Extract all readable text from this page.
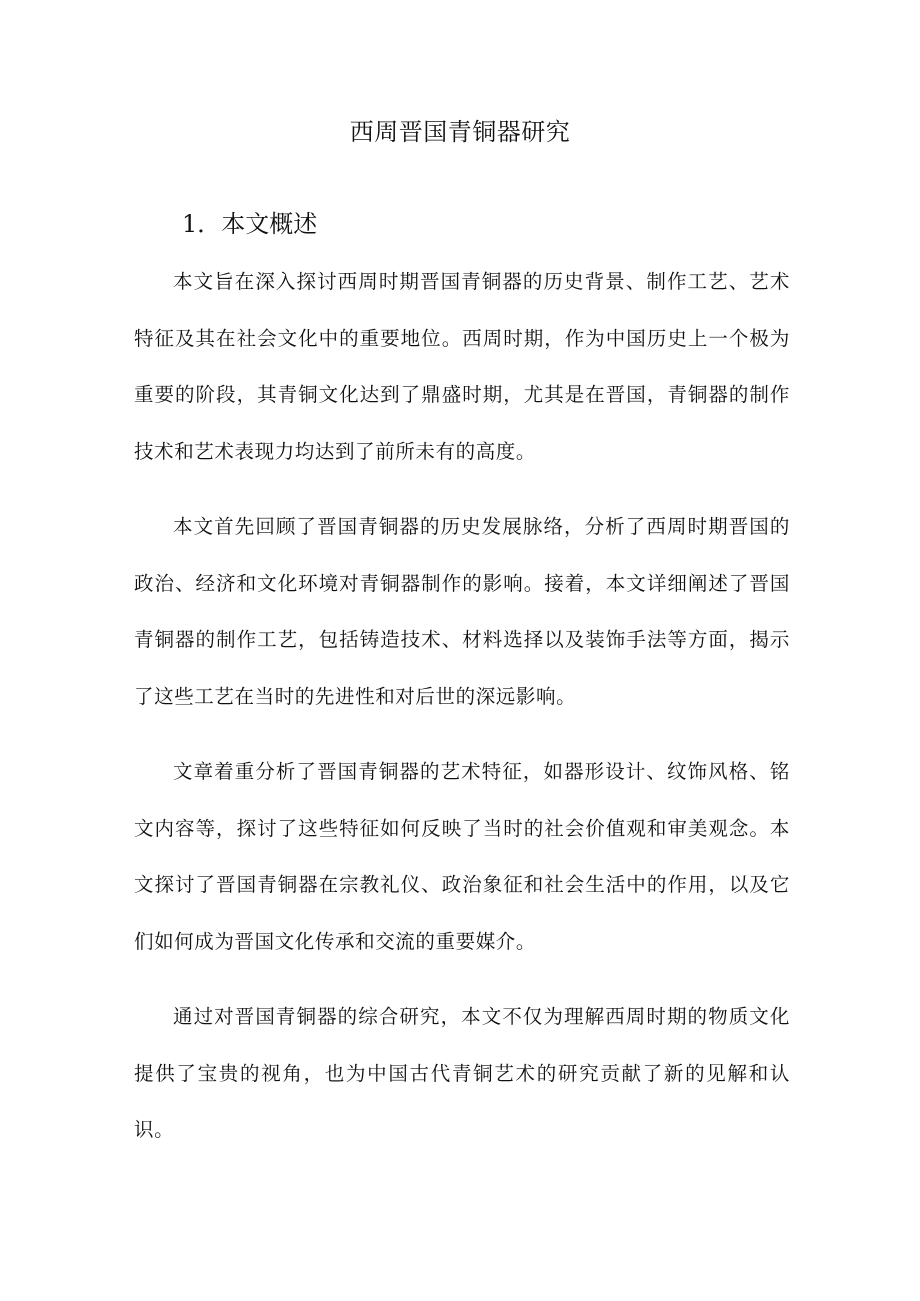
西周晋国青铜器研究
1．本文概述

本文旨在深入探讨西周时期晋国青铜器的历史背景、制作工艺、艺术特征及其在社会文化中的重要地位。西周时期，作为中国历史上一个极为重要的阶段，其青铜文化达到了鼎盛时期，尤其是在晋国，青铜器的制作技术和艺术表现力均达到了前所未有的高度。

本文首先回顾了晋国青铜器的历史发展脉络，分析了西周时期晋国的政治、经济和文化环境对青铜器制作的影响。接着，本文详细阐述了晋国青铜器的制作工艺，包括铸造技术、材料选择以及装饰手法等方面，揭示了这些工艺在当时的先进性和对后世的深远影响。

文章着重分析了晋国青铜器的艺术特征，如器形设计、纹饰风格、铭文内容等，探讨了这些特征如何反映了当时的社会价值观和审美观念。本文探讨了晋国青铜器在宗教礼仪、政治象征和社会生活中的作用，以及它们如何成为晋国文化传承和交流的重要媒介。

通过对晋国青铜器的综合研究，本文不仅为理解西周时期的物质文化提供了宝贵的视角，也为中国古代青铜艺术的研究贡献了新的见解和认识。
